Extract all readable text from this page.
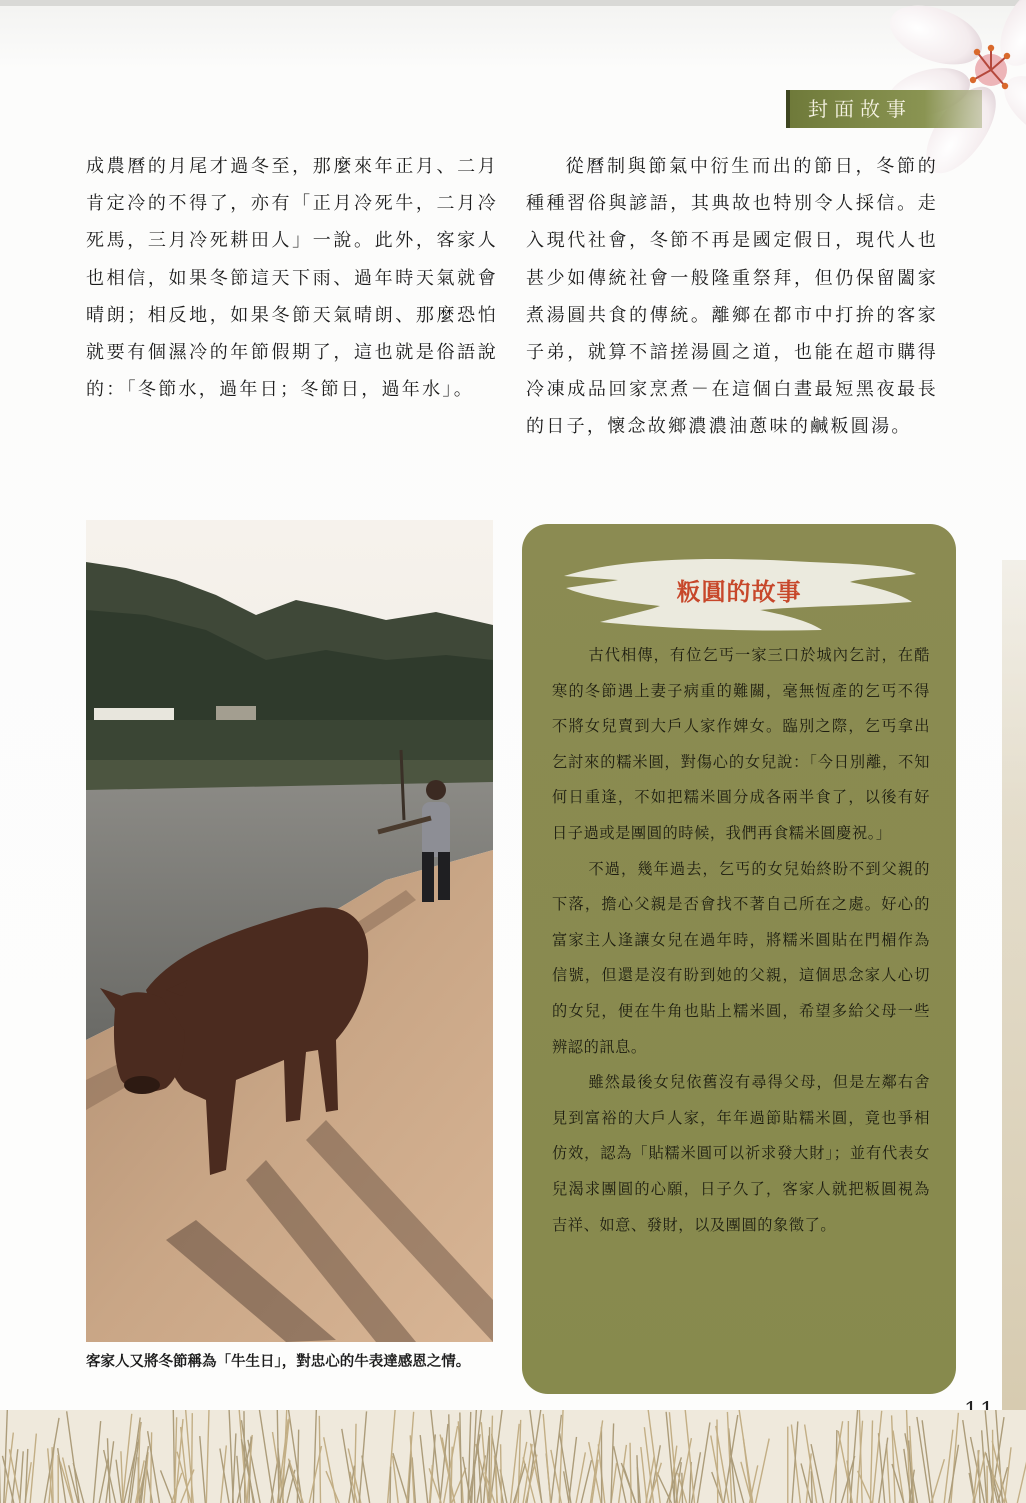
封面故事

成農曆的月尾才過冬至，那麼來年正月、二月肯定冷的不得了，亦有「正月冷死牛，二月冷死馬，三月冷死耕田人」一說。此外，客家人也相信，如果冬節這天下雨、過年時天氣就會晴朗；相反地，如果冬節天氣晴朗、那麼恐怕就要有個濕冷的年節假期了，這也就是俗語說的：「冬節水，過年日；冬節日，過年水」。

從曆制與節氣中衍生而出的節日，冬節的種種習俗與諺語，其典故也特別令人採信。走入現代社會，冬節不再是國定假日，現代人也甚少如傳統社會一般隆重祭拜，但仍保留闔家煮湯圓共食的傳統。離鄉在都市中打拚的客家子弟，就算不諳搓湯圓之道，也能在超市購得冷凍成品回家烹煮－在這個白晝最短黑夜最長的日子，懷念故鄉濃濃油蔥味的鹹粄圓湯。

客家人又將冬節稱為「牛生日」，對忠心的牛表達感恩之情。
粄圓的故事

古代相傳，有位乞丐一家三口於城內乞討，在酷寒的冬節遇上妻子病重的難關，毫無恆產的乞丐不得不將女兒賣到大戶人家作婢女。臨別之際，乞丐拿出乞討來的糯米圓，對傷心的女兒說：「今日別離，不知何日重逢，不如把糯米圓分成各兩半食了，以後有好日子過或是團圓的時候，我們再食糯米圓慶祝。」

不過，幾年過去，乞丐的女兒始終盼不到父親的下落，擔心父親是否會找不著自己所在之處。好心的富家主人逢讓女兒在過年時，將糯米圓貼在門楣作為信號，但還是沒有盼到她的父親，這個思念家人心切的女兒，便在牛角也貼上糯米圓，希望多給父母一些辨認的訊息。

雖然最後女兒依舊沒有尋得父母，但是左鄰右舍見到富裕的大戶人家，年年過節貼糯米圓，竟也爭相仿效，認為「貼糯米圓可以祈求發大財」；並有代表女兒渴求團圓的心願，日子久了，客家人就把粄圓視為吉祥、如意、發財，以及團圓的象徵了。
